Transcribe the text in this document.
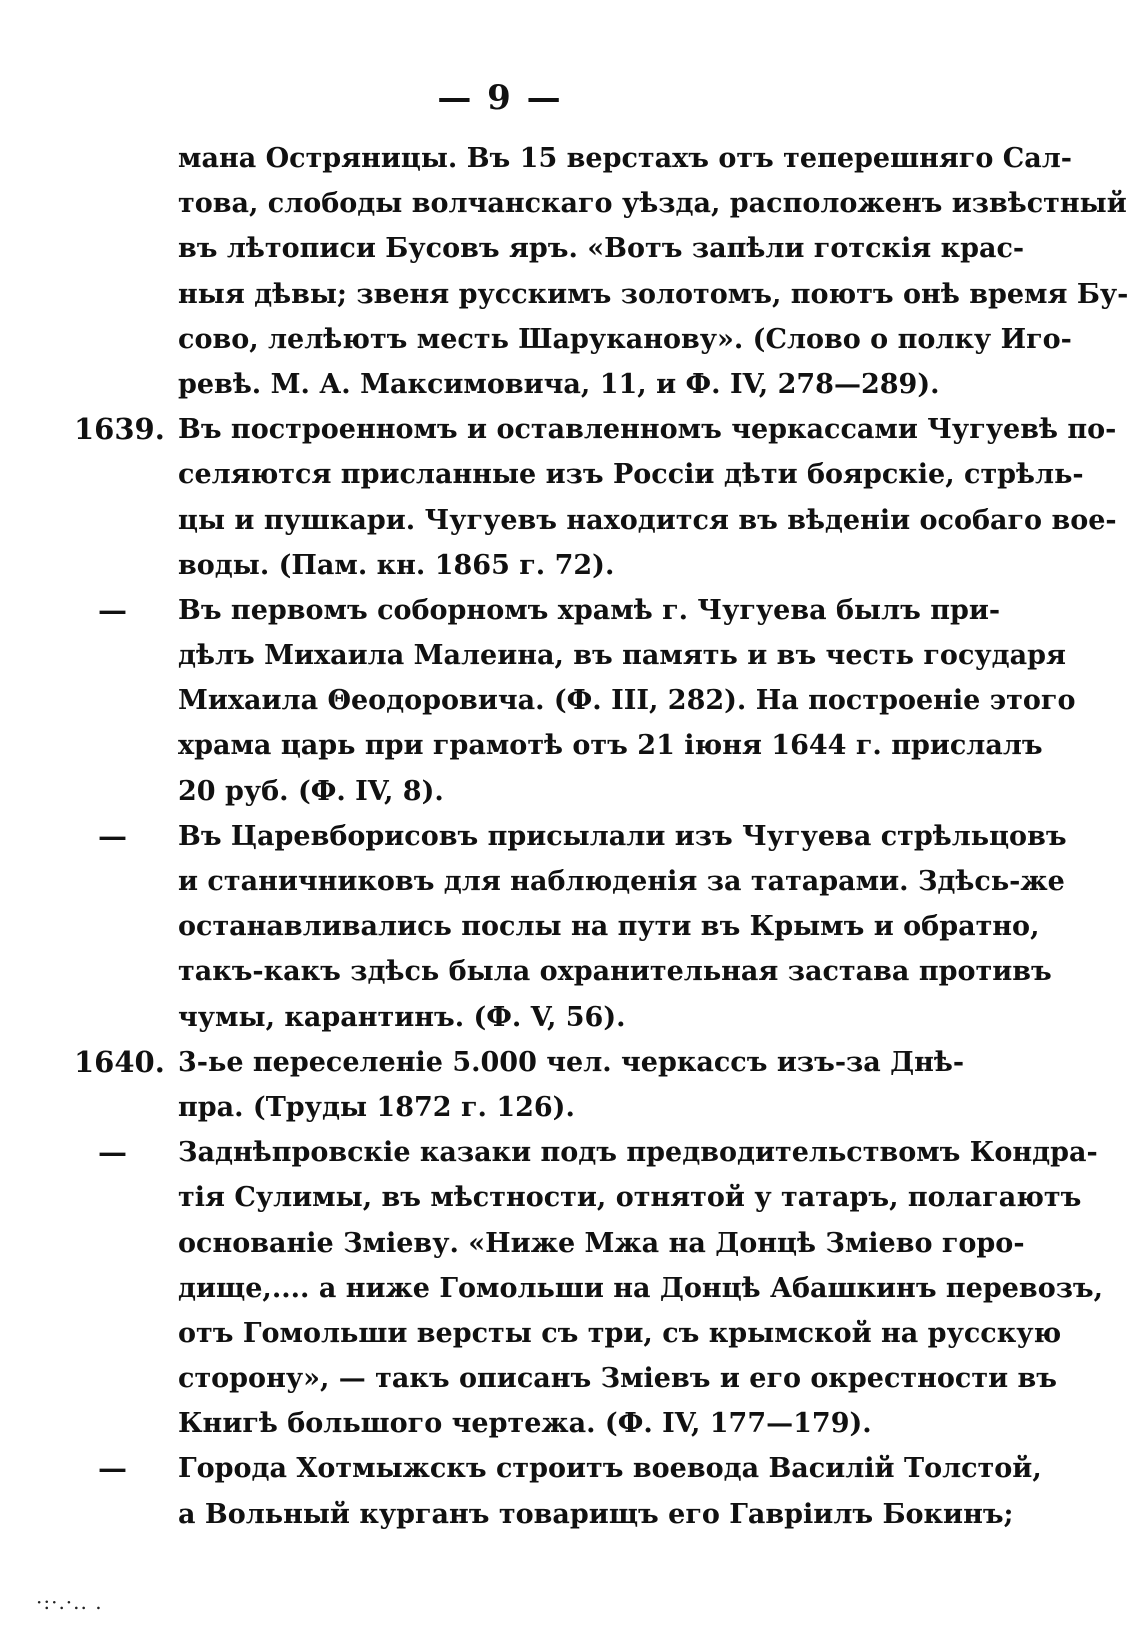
— 9 —
мана Остряницы. Въ 15 верстахъ отъ теперешняго Сал-
това, слободы волчанскаго уѣзда, расположенъ извѣстный
въ лѣтописи Бусовъ яръ. «Вотъ запѣли готскія крас-
ныя дѣвы; звеня русскимъ золотомъ, поютъ онѣ время Бу-
сово, лелѣютъ месть Шаруканову». (Слово о полку Иго-
ревѣ. М. А. Максимовича, 11, и Ф. IV, 278—289).
1639. Въ построенномъ и оставленномъ черкассами Чугуевѣ по-
селяются присланные изъ Россіи дѣти боярскіе, стрѣль-
цы и пушкари. Чугуевъ находится въ вѣденіи особаго вое-
воды. (Пам. кн. 1865 г. 72).
—	Въ первомъ соборномъ храмѣ г. Чугуева былъ при-
дѣлъ Михаила Малеина, въ память и въ честь государя
Михаила Θеодоровича. (Ф. III, 282). На построеніе этого
храма царь при грамотѣ отъ 21 іюня 1644 г. прислалъ
20 руб. (Ф. IV, 8).
—	Въ Царевборисовъ присылали изъ Чугуева стрѣльцовъ
и станичниковъ для наблюденія за татарами. Здѣсь-же
останавливались послы на пути въ Крымъ и обратно,
такъ-какъ здѣсь была охранительная застава противъ
чумы, карантинъ. (Ф. V, 56).
1640. 3-ье переселеніе 5.000 чел. черкассъ изъ-за Днѣ-
пра. (Труды 1872 г. 126).
—	Заднѣпровскіе казаки подъ предводительствомъ Кондра-
тія Сулимы, въ мѣстности, отнятой у татаръ, полагаютъ
основаніе Зміеву. «Ниже Мжа на Донцѣ Зміево горо-
дище,.... а ниже Гомольши на Донцѣ Абашкинъ перевозъ,
отъ Гомольши версты съ три, съ крымской на русскую
сторону», — такъ описанъ Зміевъ и его окрестности въ
Книгѣ большого чертежа. (Ф. IV, 177—179).
—	Города Хотмыжскъ строитъ воевода Василій Толстой,
а Вольный курганъ товарищъ его Гавріилъ Бокинъ;
·:·.·.. .
